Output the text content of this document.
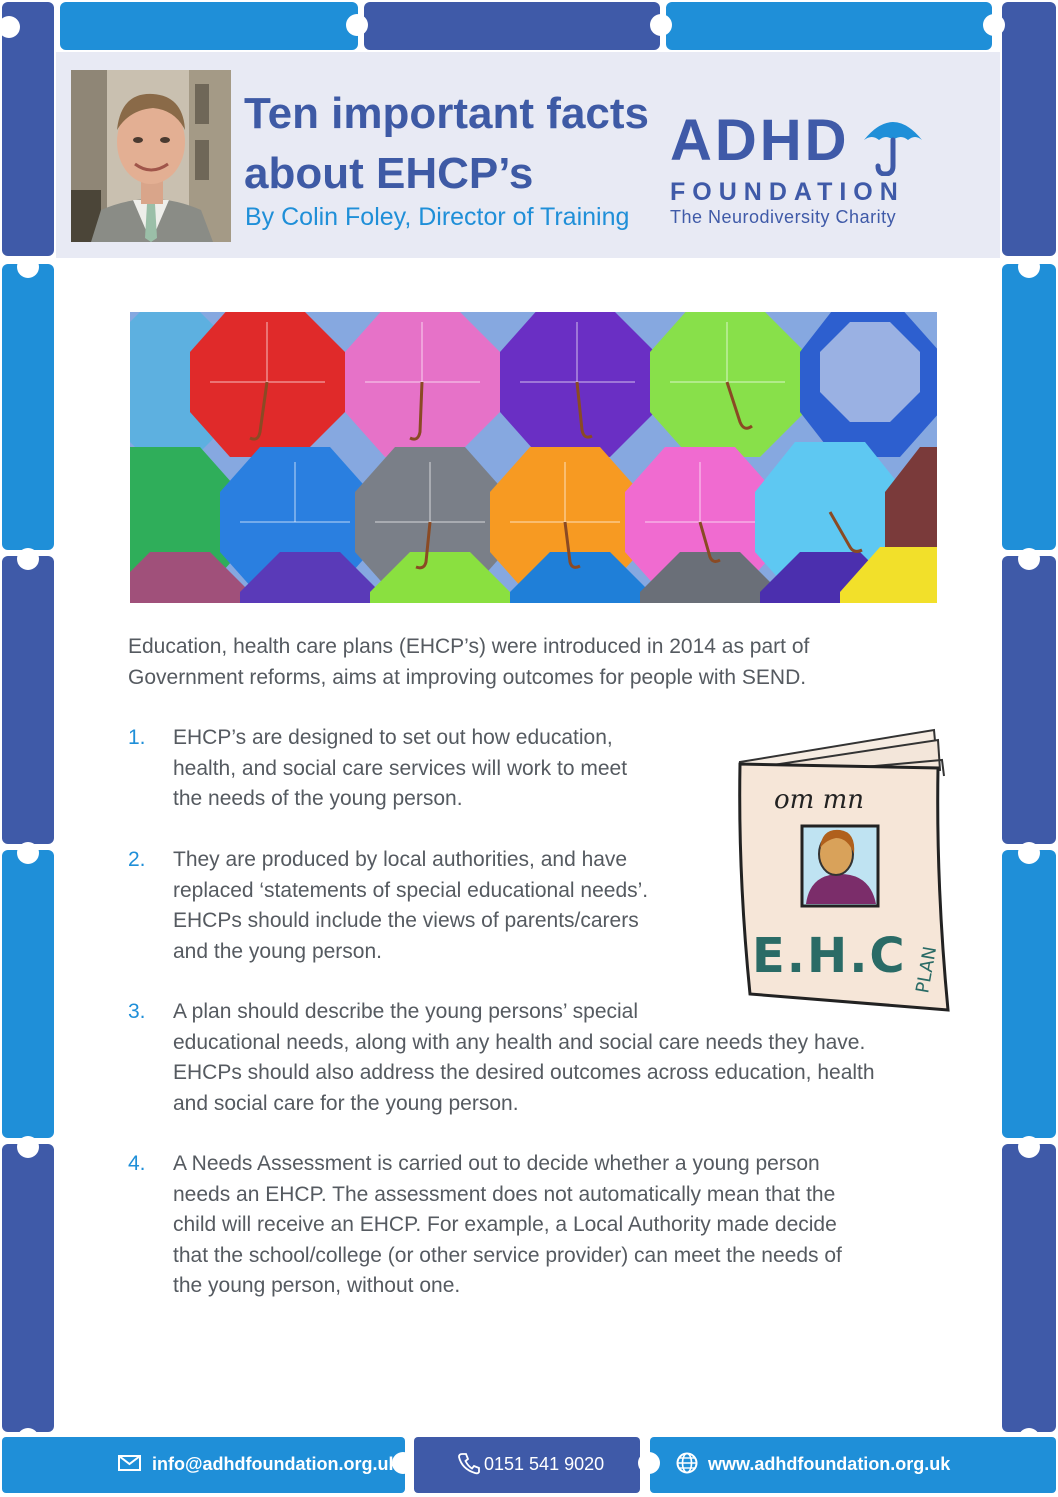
Ten important facts
about EHCP’s
By Colin Foley, Director of Training
ADHD
FOUNDATION
The Neurodiversity Charity

Education, health care plans (EHCP’s) were introduced in 2014 as part of Government reforms, aims at improving outcomes for people with SEND.

1. EHCP’s are designed to set out how education,
health, and social care services will work to meet
the needs of the young person.
2. They are produced by local authorities, and have
replaced ‘statements of special educational needs’.
EHCPs should include the views of parents/carers
and the young person.
3. A plan should describe the young persons’ special
educational needs, along with any health and social care needs they have.
EHCPs should also address the desired outcomes across education, health
and social care for the young person.
4. A Needs Assessment is carried out to decide whether a young person
needs an EHCP. The assessment does not automatically mean that the
child will receive an EHCP. For example, a Local Authority made decide
that the school/college (or other service provider) can meet the needs of
the young person, without one.
om mn
E.H.C PLAN
info@adhdfoundation.org.uk	0151 541 9020	www.adhdfoundation.org.uk
